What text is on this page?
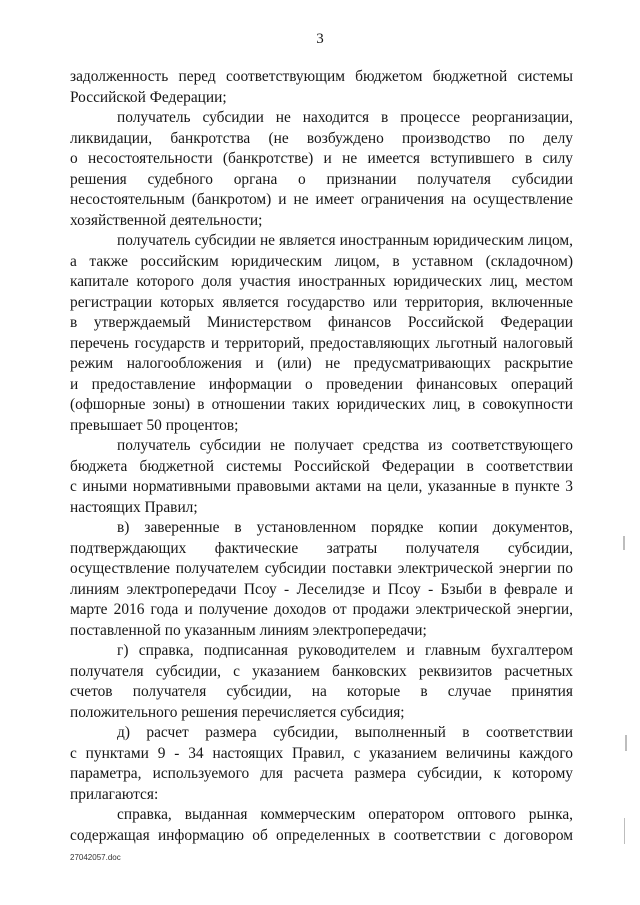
3
задолженность перед соответствующим бюджетом бюджетной системы
Российской Федерации;
получатель субсидии не находится в процессе реорганизации,
ликвидации, банкротства (не возбуждено производство по делу
о несостоятельности (банкротстве) и не имеется вступившего в силу
решения судебного органа о признании получателя субсидии
несостоятельным (банкротом) и не имеет ограничения на осуществление
хозяйственной деятельности;
получатель субсидии не является иностранным юридическим лицом,
а также российским юридическим лицом, в уставном (складочном)
капитале которого доля участия иностранных юридических лиц, местом
регистрации которых является государство или территория, включенные
в утверждаемый Министерством финансов Российской Федерации
перечень государств и территорий, предоставляющих льготный налоговый
режим налогообложения и (или) не предусматривающих раскрытие
и предоставление информации о проведении финансовых операций
(офшорные зоны) в отношении таких юридических лиц, в совокупности
превышает 50 процентов;
получатель субсидии не получает средства из соответствующего
бюджета бюджетной системы Российской Федерации в соответствии
с иными нормативными правовыми актами на цели, указанные в пункте 3
настоящих Правил;
в) заверенные в установленном порядке копии документов,
подтверждающих фактические затраты получателя субсидии,
осуществление получателем субсидии поставки электрической энергии по
линиям электропередачи Псоу - Леселидзе и Псоу - Бзыби в феврале и
марте 2016 года и получение доходов от продажи электрической энергии,
поставленной по указанным линиям электропередачи;
г) справка, подписанная руководителем и главным бухгалтером
получателя субсидии, с указанием банковских реквизитов расчетных
счетов получателя субсидии, на которые в случае принятия
положительного решения перечисляется субсидия;
д) расчет размера субсидии, выполненный в соответствии
с пунктами 9 - 34 настоящих Правил, с указанием величины каждого
параметра, используемого для расчета размера субсидии, к которому
прилагаются:
справка, выданная коммерческим оператором оптового рынка,
содержащая информацию об определенных в соответствии с договором
27042057.doc
